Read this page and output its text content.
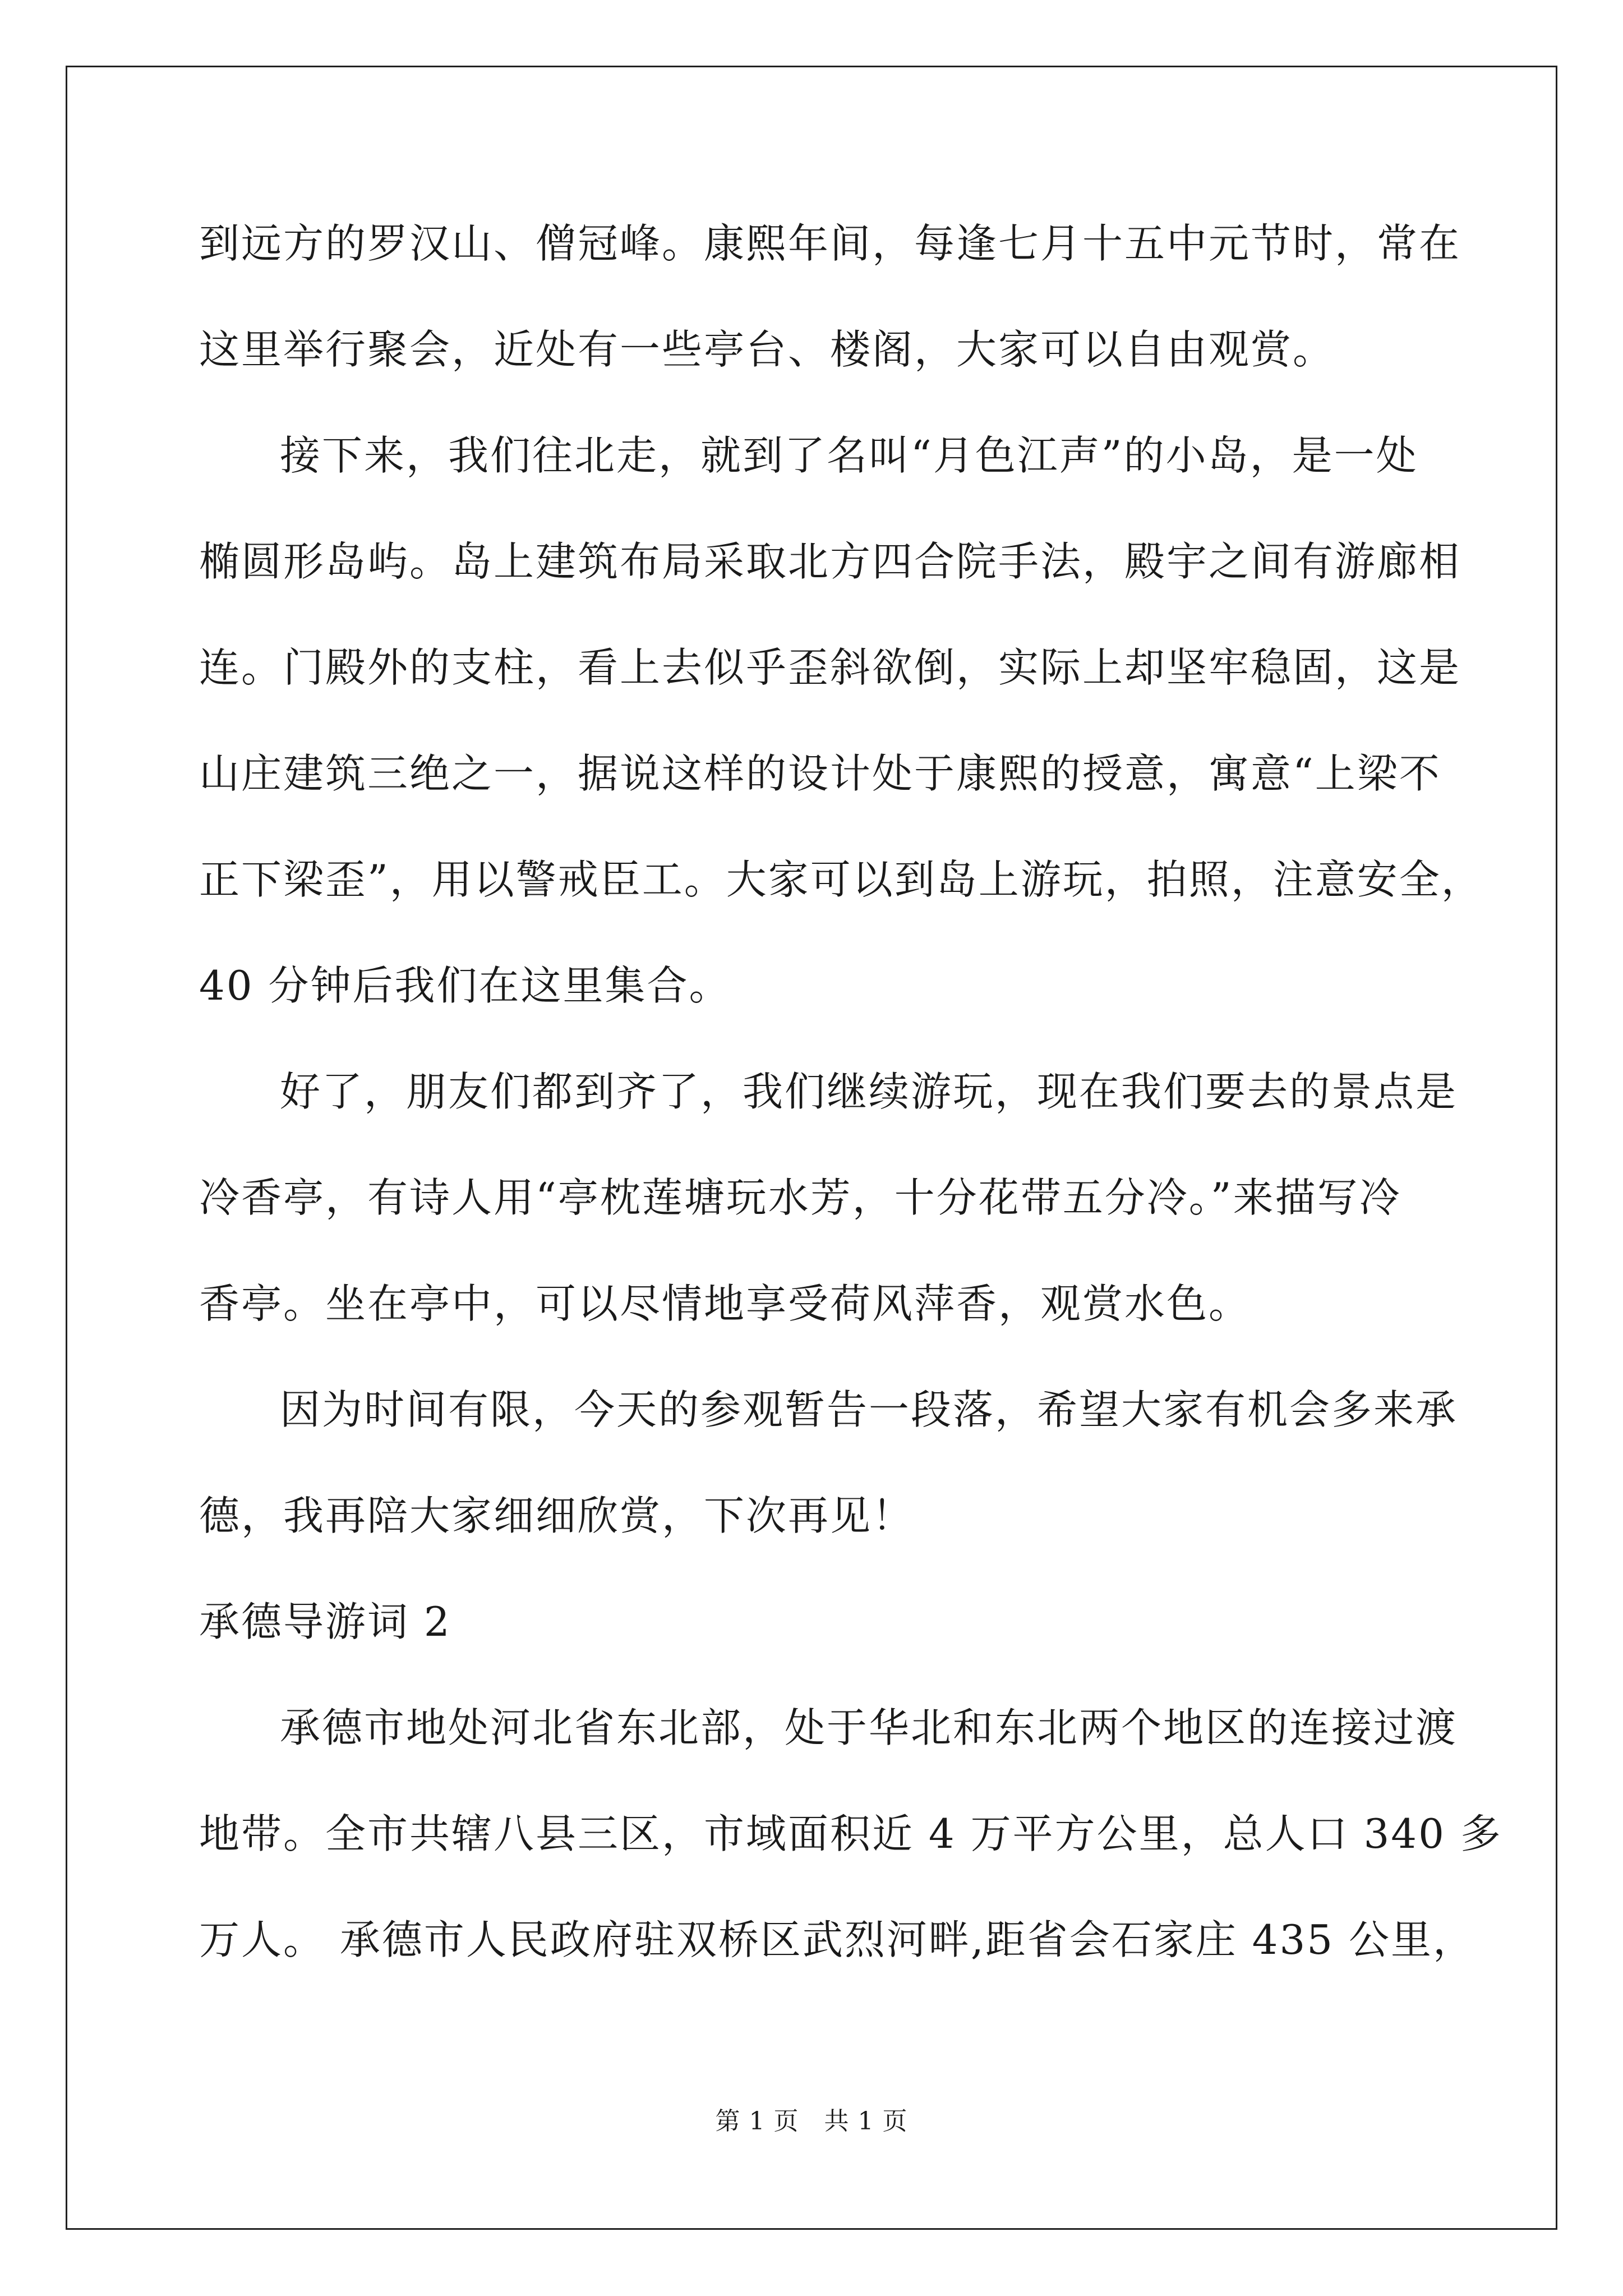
到远方的罗汉山、僧冠峰。康熙年间，每逢七月十五中元节时，常在
这里举行聚会，近处有一些亭台、楼阁，大家可以自由观赏。
接下来，我们往北走，就到了名叫“月色江声”的小岛，是一处
椭圆形岛屿。岛上建筑布局采取北方四合院手法，殿宇之间有游廊相
连。门殿外的支柱，看上去似乎歪斜欲倒，实际上却坚牢稳固，这是
山庄建筑三绝之一，据说这样的设计处于康熙的授意，寓意“上梁不
正下梁歪”，用以警戒臣工。大家可以到岛上游玩，拍照，注意安全，
40 分钟后我们在这里集合。
好了，朋友们都到齐了，我们继续游玩，现在我们要去的景点是
冷香亭，有诗人用“亭枕莲塘玩水芳，十分花带五分冷。”来描写冷
香亭。坐在亭中，可以尽情地享受荷风萍香，观赏水色。
因为时间有限，今天的参观暂告一段落，希望大家有机会多来承
德，我再陪大家细细欣赏，下次再见！
承德导游词 2
承德市地处河北省东北部，处于华北和东北两个地区的连接过渡
地带。全市共辖八县三区，市域面积近 4 万平方公里，总人口 340 多
万人。 承德市人民政府驻双桥区武烈河畔,距省会石家庄 435 公里，
第 1 页   共 1 页
